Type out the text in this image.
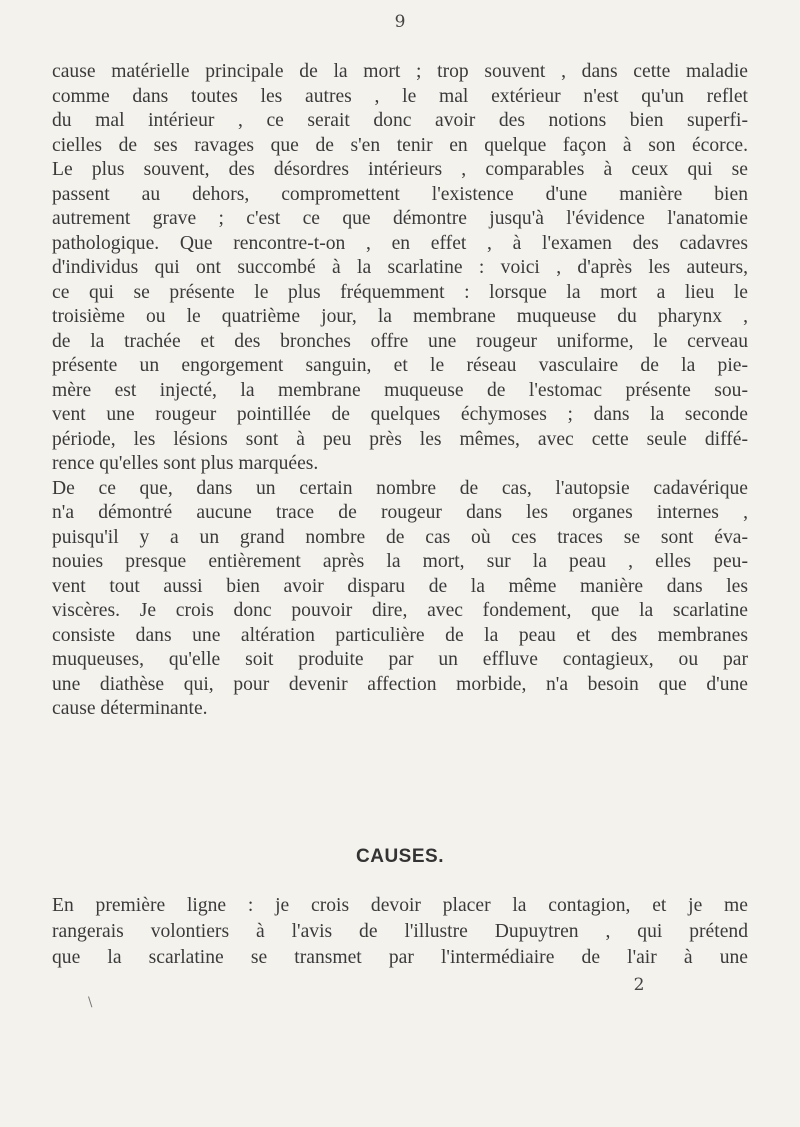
9

cause matérielle principale de la mort ; trop souvent , dans cette maladie
comme dans toutes les autres , le mal extérieur n'est qu'un reflet
du mal intérieur , ce serait donc avoir des notions bien superfi-
cielles de ses ravages que de s'en tenir en quelque façon à son écorce.
Le plus souvent, des désordres intérieurs , comparables à ceux qui se
passent au dehors, compromettent l'existence d'une manière bien
autrement grave ; c'est ce que démontre jusqu'à l'évidence l'anatomie
pathologique. Que rencontre-t-on , en effet , à l'examen des cadavres
d'individus qui ont succombé à la scarlatine : voici , d'après les auteurs,
ce qui se présente le plus fréquemment : lorsque la mort a lieu le
troisième ou le quatrième jour, la membrane muqueuse du pharynx ,
de la trachée et des bronches offre une rougeur uniforme, le cerveau
présente un engorgement sanguin, et le réseau vasculaire de la pie-
mère est injecté, la membrane muqueuse de l'estomac présente sou-
vent une rougeur pointillée de quelques échymoses ; dans la seconde
période, les lésions sont à peu près les mêmes, avec cette seule diffé-
rence qu'elles sont plus marquées.

De ce que, dans un certain nombre de cas, l'autopsie cadavérique
n'a démontré aucune trace de rougeur dans les organes internes ,
puisqu'il y a un grand nombre de cas où ces traces se sont éva-
nouies presque entièrement après la mort, sur la peau , elles peu-
vent tout aussi bien avoir disparu de la même manière dans les
viscères. Je crois donc pouvoir dire, avec fondement, que la scarlatine
consiste dans une altération particulière de la peau et des membranes
muqueuses, qu'elle soit produite par un effluve contagieux, ou par
une diathèse qui, pour devenir affection morbide, n'a besoin que d'une
cause déterminante.

CAUSES.

En première ligne : je crois devoir placer la contagion, et je me
rangerais volontiers à l'avis de l'illustre Dupuytren , qui prétend
que la scarlatine se transmet par l'intermédiaire de l'air à une

2
\
